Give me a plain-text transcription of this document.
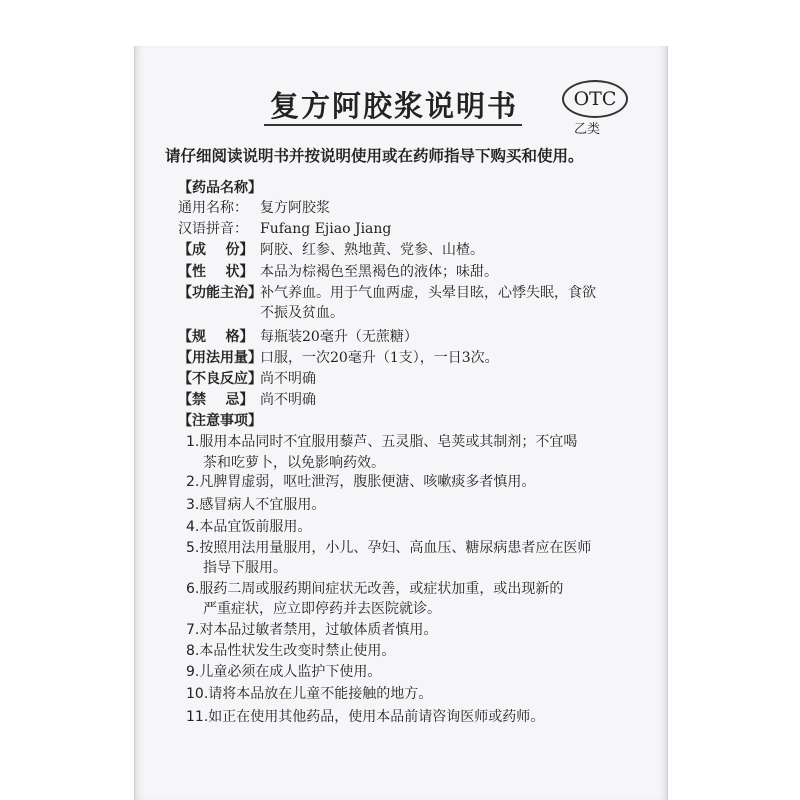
复方阿胶浆说明书	OTC
乙类
请仔细阅读说明书并按说明使用或在药师指导下购买和使用。
【药品名称】
通用名称： 复方阿胶浆
汉语拼音： Fufang Ejiao Jiang
【成    份】 阿胶、红参、熟地黄、党参、山楂。
【性    状】 本品为棕褐色至黑褐色的液体；味甜。
【功能主治】补气养血。用于气血两虚，头晕目眩，心悸失眠，食欲
不振及贫血。
【规    格】 每瓶装20毫升（无蔗糖）
【用法用量】口服，一次20毫升（1支），一日3次。
【不良反应】尚不明确
【禁    忌】 尚不明确
【注意事项】
1.服用本品同时不宜服用藜芦、五灵脂、皂荚或其制剂；不宜喝
茶和吃萝卜，以免影响药效。
2.凡脾胃虚弱，呕吐泄泻，腹胀便溏、咳嗽痰多者慎用。
3.感冒病人不宜服用。
4.本品宜饭前服用。
5.按照用法用量服用，小儿、孕妇、高血压、糖尿病患者应在医师
指导下服用。
6.服药二周或服药期间症状无改善，或症状加重，或出现新的
严重症状，应立即停药并去医院就诊。
7.对本品过敏者禁用，过敏体质者慎用。
8.本品性状发生改变时禁止使用。
9.儿童必须在成人监护下使用。
10.请将本品放在儿童不能接触的地方。
11.如正在使用其他药品，使用本品前请咨询医师或药师。
